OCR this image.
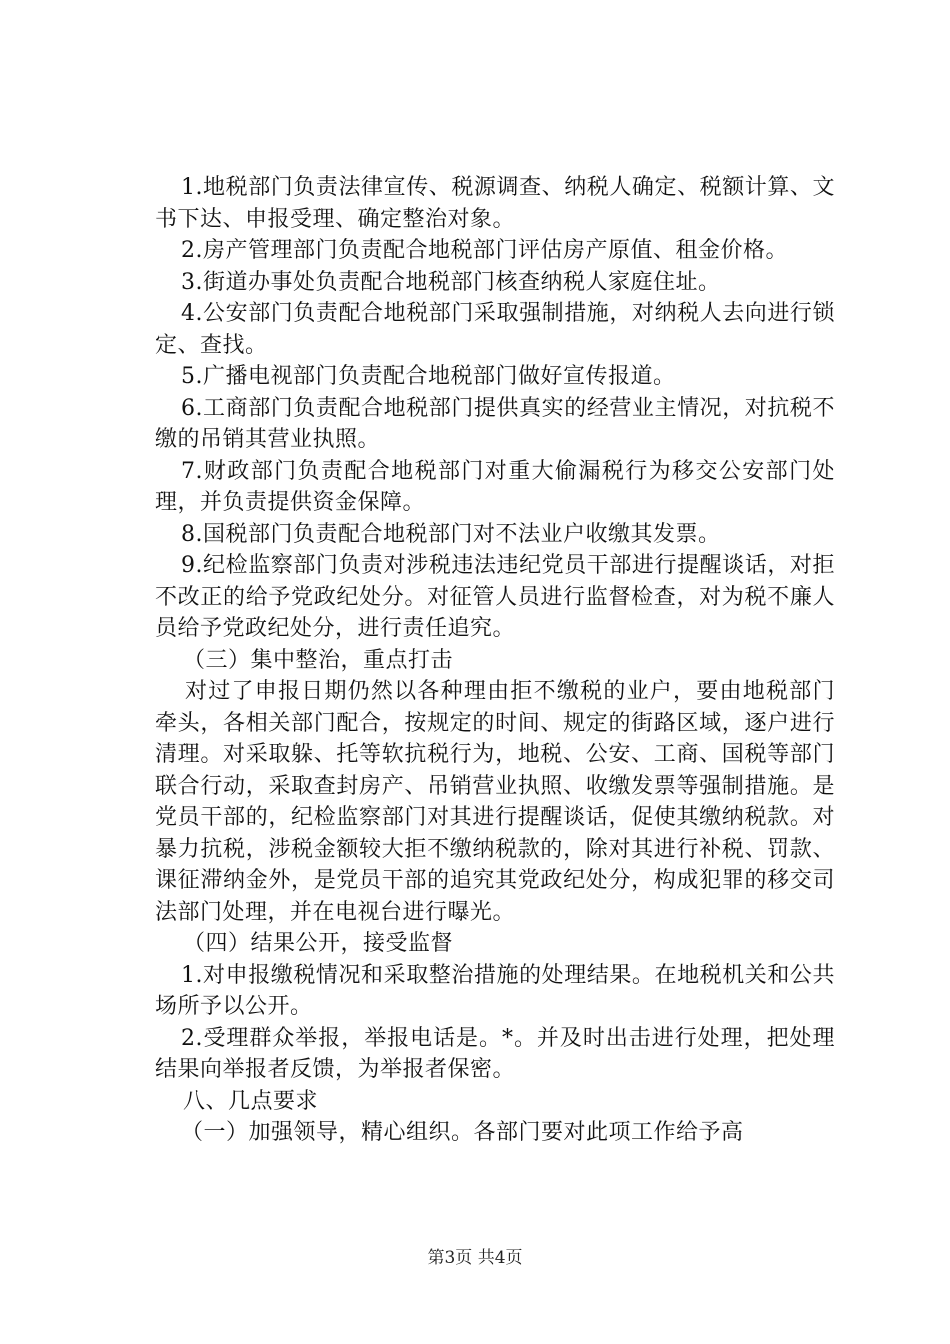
1.地税部门负责法律宣传、税源调查、纳税人确定、税额计算、文书下达、申报受理、确定整治对象。

2.房产管理部门负责配合地税部门评估房产原值、租金价格。

3.街道办事处负责配合地税部门核查纳税人家庭住址。

4.公安部门负责配合地税部门采取强制措施，对纳税人去向进行锁定、查找。

5.广播电视部门负责配合地税部门做好宣传报道。

6.工商部门负责配合地税部门提供真实的经营业主情况，对抗税不缴的吊销其营业执照。

7.财政部门负责配合地税部门对重大偷漏税行为移交公安部门处理，并负责提供资金保障。

8.国税部门负责配合地税部门对不法业户收缴其发票。

9.纪检监察部门负责对涉税违法违纪党员干部进行提醒谈话，对拒不改正的给予党政纪处分。对征管人员进行监督检查，对为税不廉人员给予党政纪处分，进行责任追究。

（三）集中整治，重点打击

对过了申报日期仍然以各种理由拒不缴税的业户，要由地税部门牵头，各相关部门配合，按规定的时间、规定的街路区域，逐户进行清理。对采取躲、托等软抗税行为，地税、公安、工商、国税等部门联合行动，采取查封房产、吊销营业执照、收缴发票等强制措施。是党员干部的，纪检监察部门对其进行提醒谈话，促使其缴纳税款。对暴力抗税，涉税金额较大拒不缴纳税款的，除对其进行补税、罚款、课征滞纳金外，是党员干部的追究其党政纪处分，构成犯罪的移交司法部门处理，并在电视台进行曝光。

（四）结果公开，接受监督

1.对申报缴税情况和采取整治措施的处理结果。在地税机关和公共场所予以公开。

2.受理群众举报，举报电话是。*。并及时出击进行处理，把处理结果向举报者反馈，为举报者保密。

八、几点要求

（一）加强领导，精心组织。各部门要对此项工作给予高

第3页 共4页
